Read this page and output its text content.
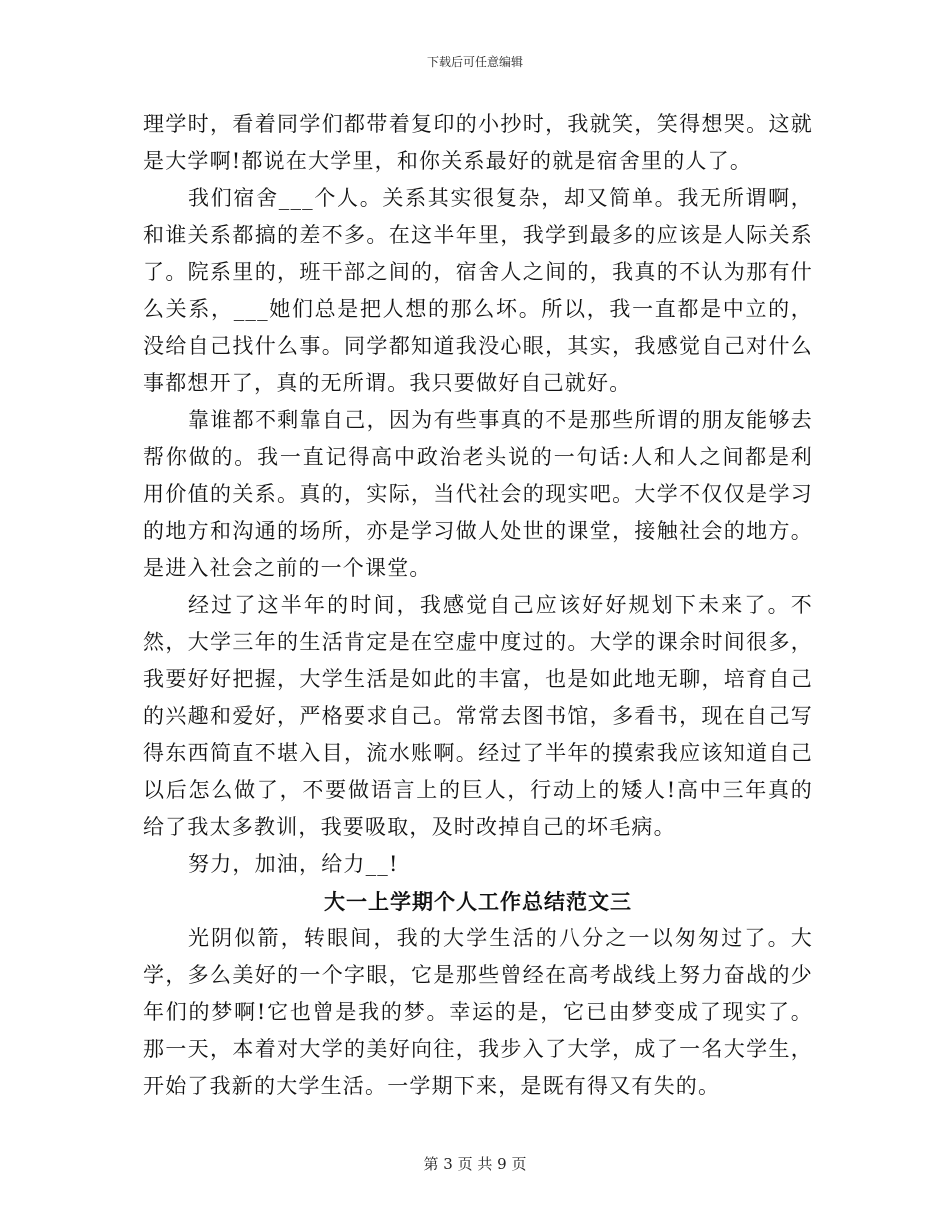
下载后可任意编辑

理学时，看着同学们都带着复印的小抄时，我就笑，笑得想哭。这就是大学啊!都说在大学里，和你关系最好的就是宿舍里的人了。

我们宿舍___个人。关系其实很复杂，却又简单。我无所谓啊，和谁关系都搞的差不多。在这半年里，我学到最多的应该是人际关系了。院系里的，班干部之间的，宿舍人之间的，我真的不认为那有什么关系，___她们总是把人想的那么坏。所以，我一直都是中立的，没给自己找什么事。同学都知道我没心眼，其实，我感觉自己对什么事都想开了，真的无所谓。我只要做好自己就好。

靠谁都不剩靠自己，因为有些事真的不是那些所谓的朋友能够去帮你做的。我一直记得高中政治老头说的一句话:人和人之间都是利用价值的关系。真的，实际，当代社会的现实吧。大学不仅仅是学习的地方和沟通的场所，亦是学习做人处世的课堂，接触社会的地方。是进入社会之前的一个课堂。

经过了这半年的时间，我感觉自己应该好好规划下未来了。不然，大学三年的生活肯定是在空虚中度过的。大学的课余时间很多，我要好好把握，大学生活是如此的丰富，也是如此地无聊，培育自己的兴趣和爱好，严格要求自己。常常去图书馆，多看书，现在自己写得东西简直不堪入目，流水账啊。经过了半年的摸索我应该知道自己以后怎么做了，不要做语言上的巨人，行动上的矮人!高中三年真的给了我太多教训，我要吸取，及时改掉自己的坏毛病。

努力，加油，给力__!

大一上学期个人工作总结范文三

光阴似箭，转眼间，我的大学生活的八分之一以匆匆过了。大学，多么美好的一个字眼，它是那些曾经在高考战线上努力奋战的少年们的梦啊!它也曾是我的梦。幸运的是，它已由梦变成了现实了。那一天，本着对大学的美好向往，我步入了大学，成了一名大学生，开始了我新的大学生活。一学期下来，是既有得又有失的。

第 3 页 共 9 页
